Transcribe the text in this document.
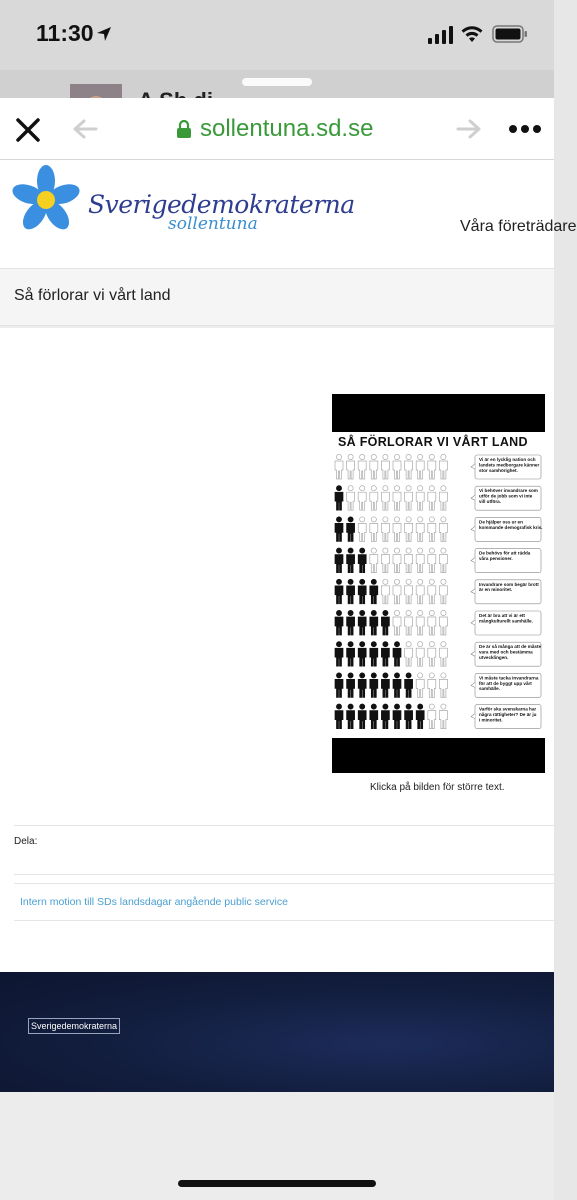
11:30
sollentuna.sd.se
Sverigedemokraterna
sollentuna	Våra företrädare
Så förlorar vi vårt land
SÅ FÖRLORAR VI VÅRT LAND
Vi är en lycklig nation och landets medborgare känner stor samhörighet.
Vi behöver invandrare som utför de jobb som vi inte vill utföra.
De hjälper oss ur en kommande demografisk kris.
De behövs för att rädda våra pensioner.
Invandrare som begär brott är en minoritet.
Det är bra att vi är ett mångkulturellt samhälle.
De är så många att de måste vara med och bestämma utvecklingen.
Vi måste tacka invandrarna för att de byggt upp vårt samhälle.
Varför ska svenskarna har några rättigheter? De är ju i minoritet.
Klicka på bilden för större text.
Dela:
Intern motion till SDs landsdagar angående public service
Sverigedemokraterna
